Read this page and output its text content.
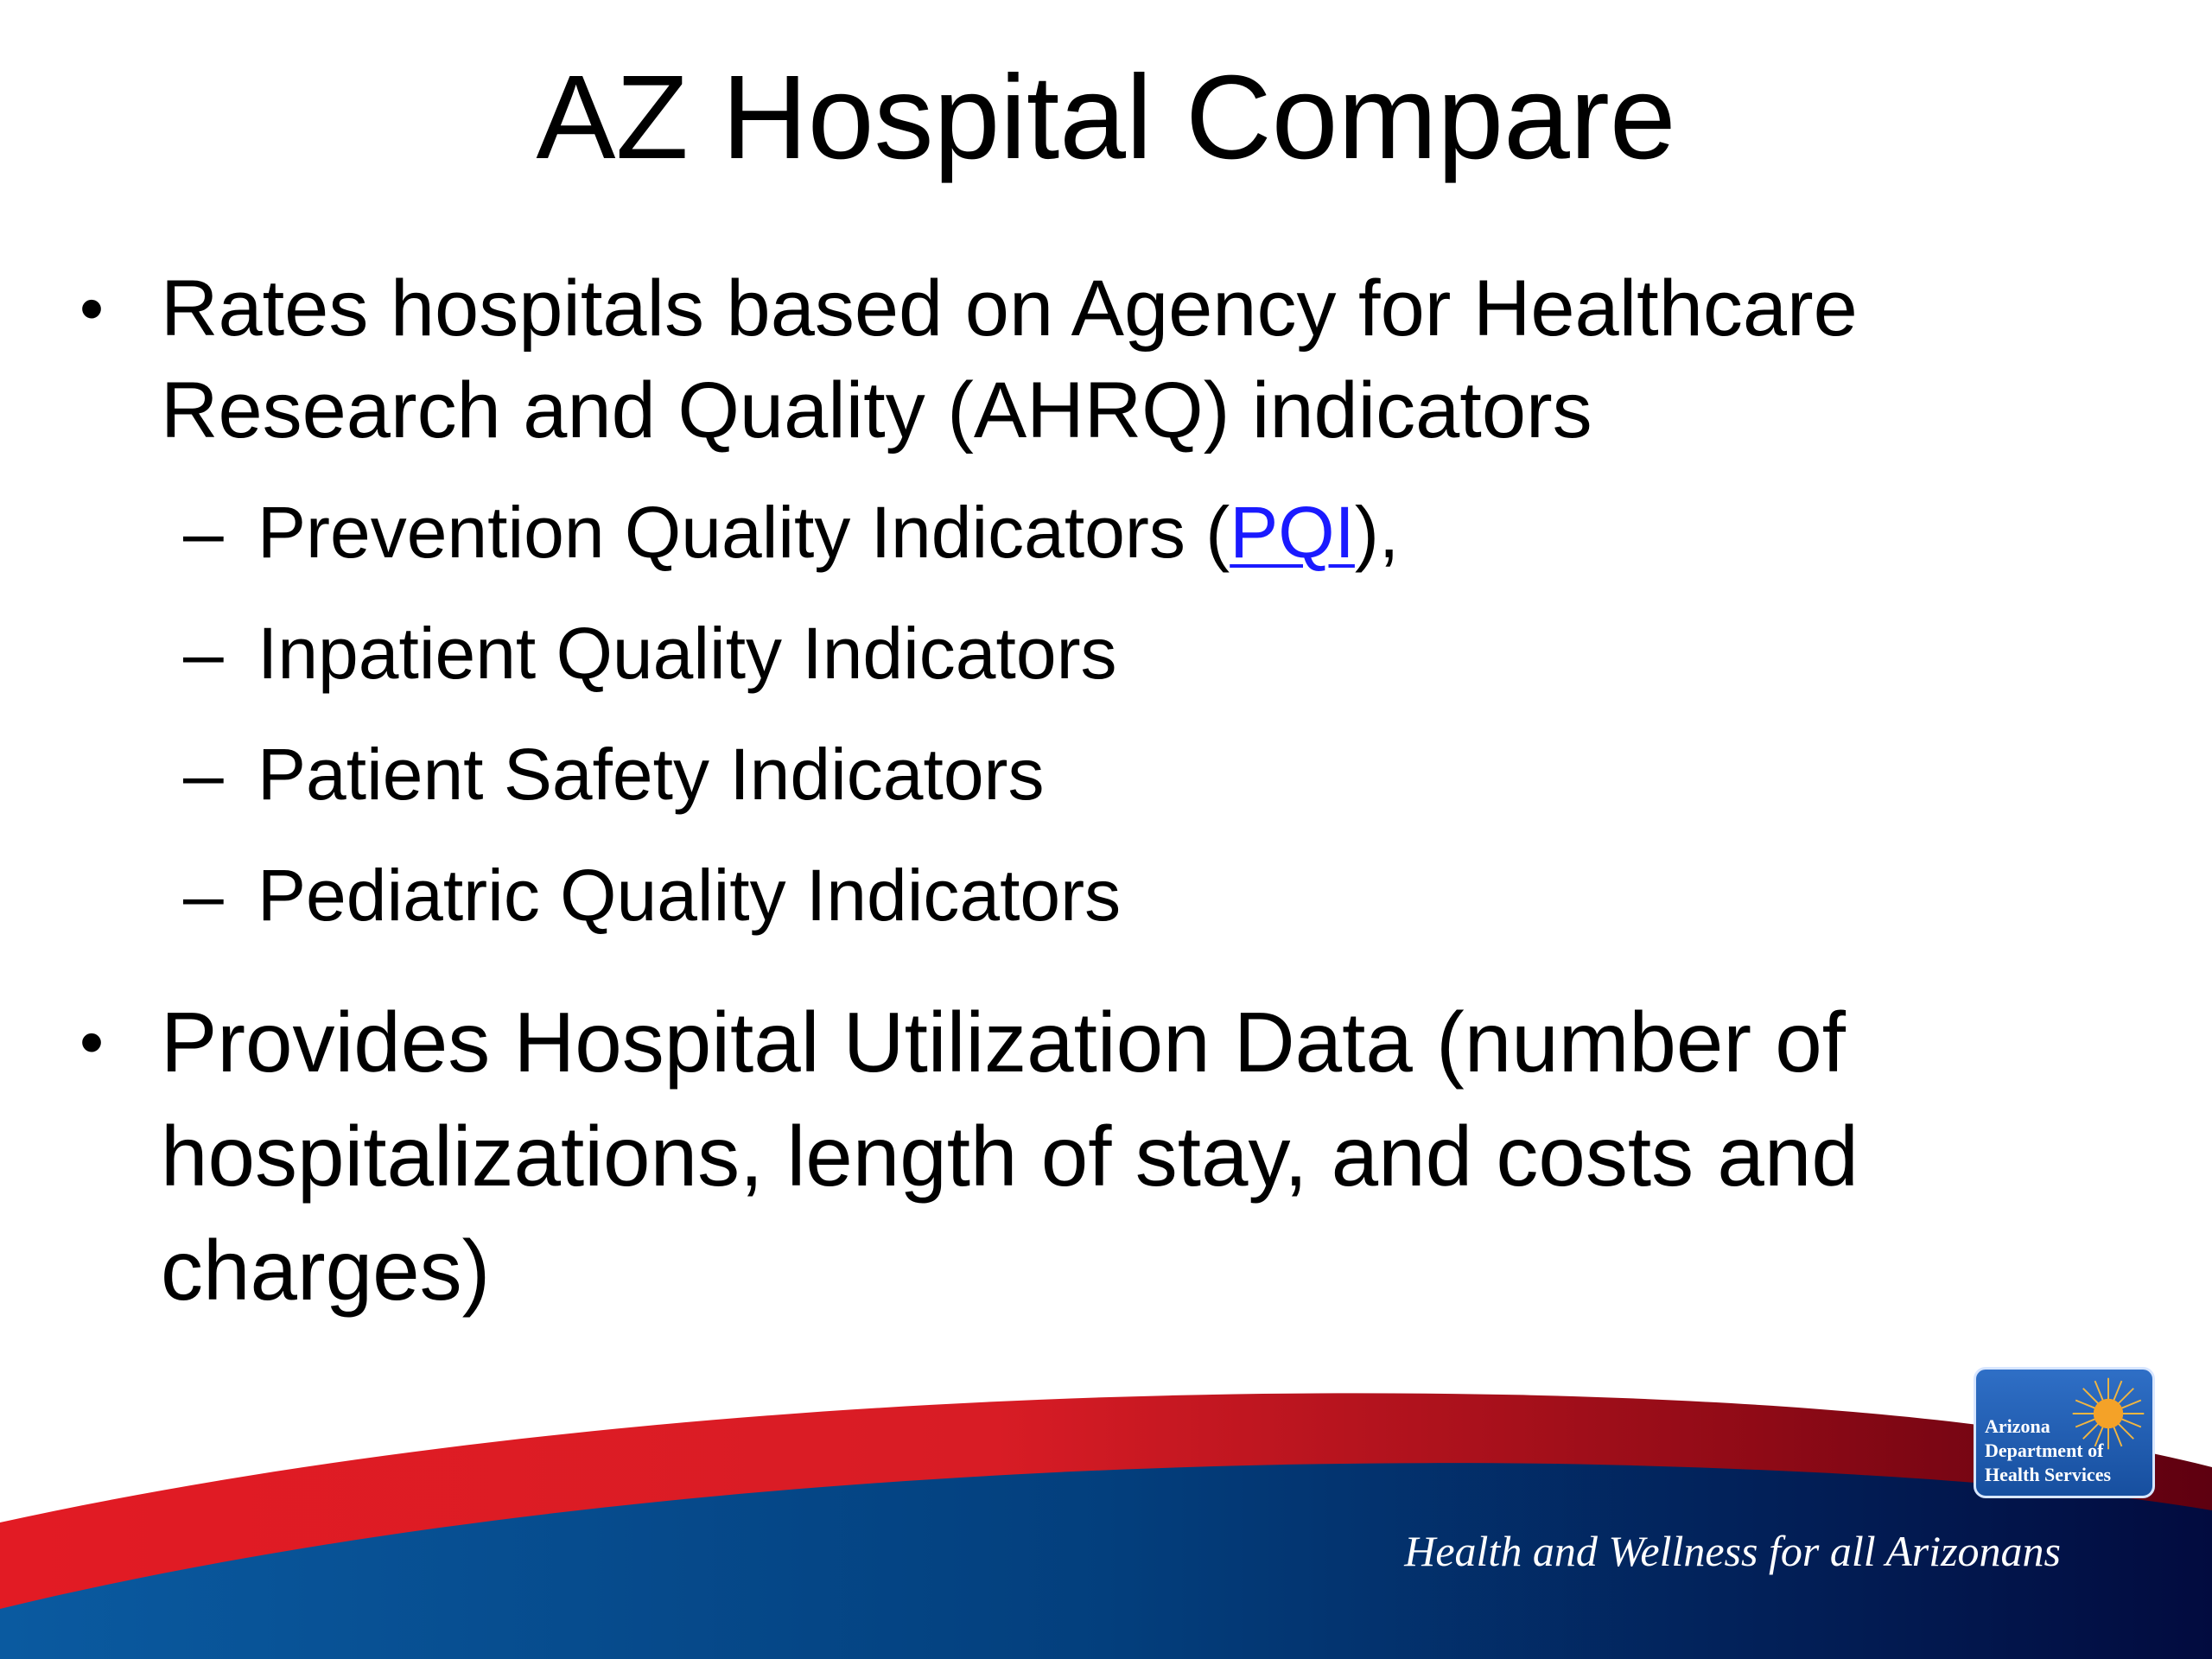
AZ Hospital Compare
• Rates hospitals based on Agency for Healthcare Research and Quality (AHRQ) indicators
– Prevention Quality Indicators (PQI),
– Inpatient Quality Indicators
– Patient Safety Indicators
– Pediatric Quality Indicators
• Provides Hospital Utilization Data (number of hospitalizations, length of stay, and costs and charges)
Health and Wellness for all Arizonans
Arizona
Department of
Health Services
